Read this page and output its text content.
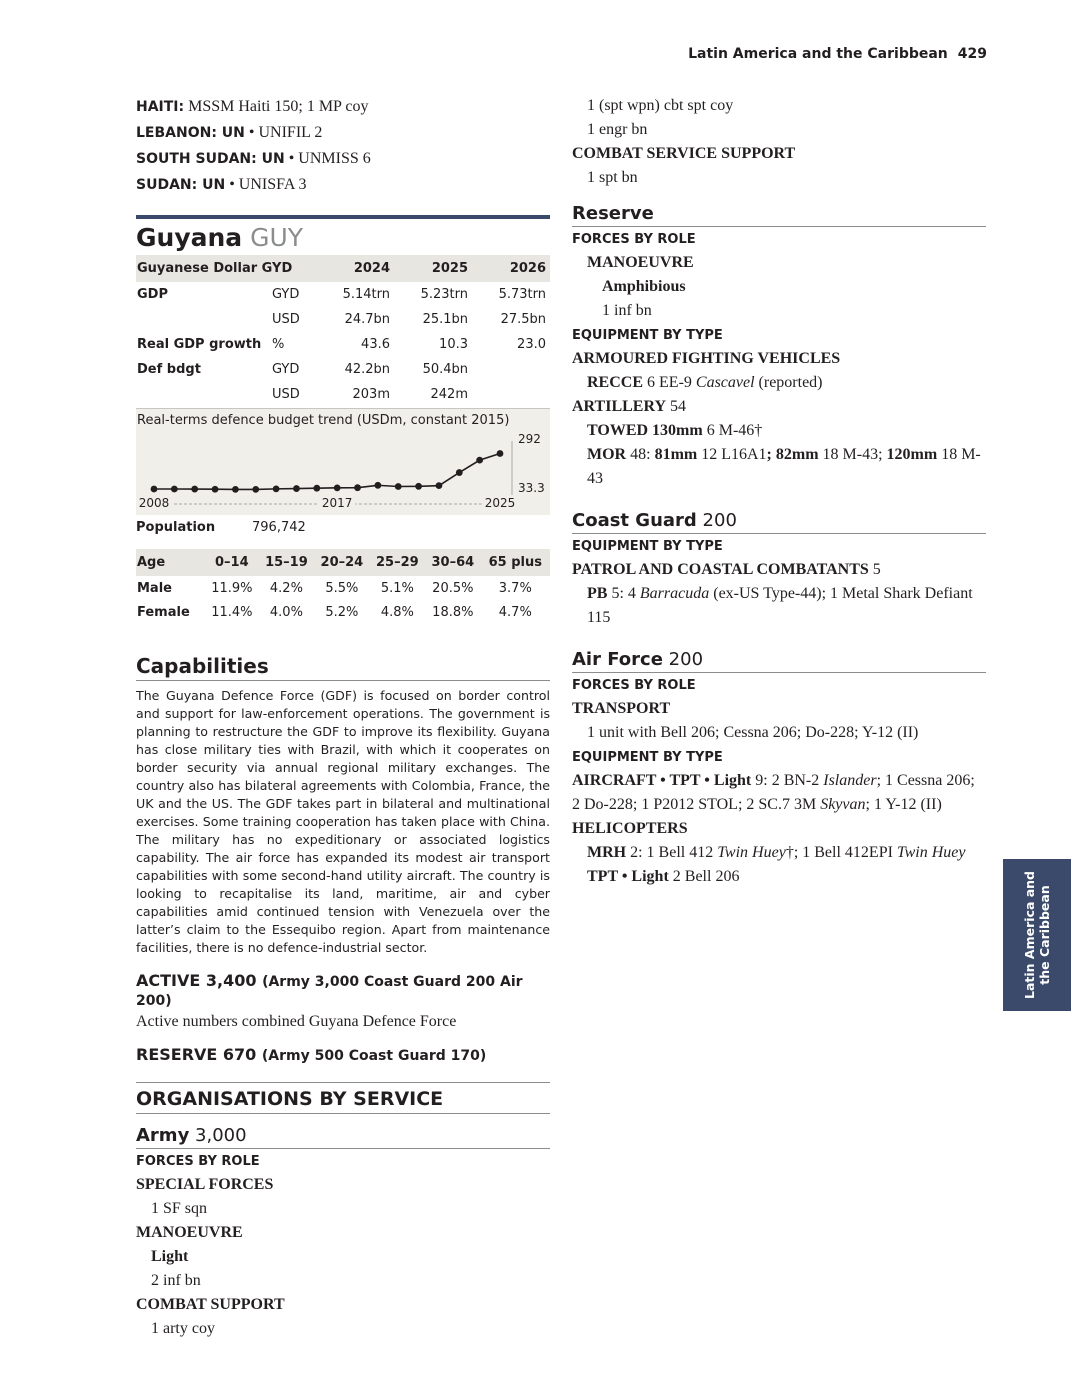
Latin America and the Caribbean 429
HAITI: MSSM Haiti 150; 1 MP coy
LEBANON: UN • UNIFIL 2
SOUTH SUDAN: UN • UNMISS 6
SUDAN: UN • UNISFA 3
Guyana GUY
Guyanese Dollar GYD		2024	2025	2026
GDP	GYD	5.14trn	5.23trn	5.73trn
	USD	24.7bn	25.1bn	27.5bn
Real GDP growth	%	43.6	10.3	23.0
Def bdgt	GYD	42.2bn	50.4bn	
	USD	203m	242m	
Real-terms defence budget trend (USDm, constant 2015)
292
33.3
2008	2017	2025
Population	796,742
Age	0–14	15–19	20–24	25–29	30–64	65 plus
Male	11.9%	4.2%	5.5%	5.1%	20.5%	3.7%
Female	11.4%	4.0%	5.2%	4.8%	18.8%	4.7%
Capabilities
The Guyana Defence Force (GDF) is focused on border control and support for law-enforcement operations. The government is planning to restructure the GDF to improve its flexibility. Guyana has close military ties with Brazil, with which it cooperates on border security via annual regional military exchanges. The country also has bilateral agreements with Colombia, France, the UK and the US. The GDF takes part in bilateral and multinational exercises. Some training cooperation has taken place with China. The military has no expeditionary or associated logistics capability. The air force has expanded its modest air transport capabilities with some second-hand utility aircraft. The country is looking to recapitalise its land, maritime, air and cyber capabilities amid continued tension with Venezuela over the latter’s claim to the Essequibo region. Apart from maintenance facilities, there is no defence-industrial sector.
ACTIVE 3,400 (Army 3,000 Coast Guard 200 Air 200)
Active numbers combined Guyana Defence Force
RESERVE 670 (Army 500 Coast Guard 170)
ORGANISATIONS BY SERVICE
Army 3,000
FORCES BY ROLE
SPECIAL FORCES
1 SF sqn
MANOEUVRE
Light
2 inf bn
COMBAT SUPPORT
1 arty coy
1 (spt wpn) cbt spt coy
1 engr bn
COMBAT SERVICE SUPPORT
1 spt bn
Reserve
FORCES BY ROLE
MANOEUVRE
Amphibious
1 inf bn
EQUIPMENT BY TYPE
ARMOURED FIGHTING VEHICLES
RECCE 6 EE-9 Cascavel (reported)
ARTILLERY 54
TOWED 130mm 6 M-46†
MOR 48: 81mm 12 L16A1; 82mm 18 M-43; 120mm 18 M-43
Coast Guard 200
EQUIPMENT BY TYPE
PATROL AND COASTAL COMBATANTS 5
PB 5: 4 Barracuda (ex-US Type-44); 1 Metal Shark Defiant 115
Air Force 200
FORCES BY ROLE
TRANSPORT
1 unit with Bell 206; Cessna 206; Do-228; Y-12 (II)
EQUIPMENT BY TYPE
AIRCRAFT • TPT • Light 9: 2 BN-2 Islander; 1 Cessna 206; 2 Do-228; 1 P2012 STOL; 2 SC.7 3M Skyvan; 1 Y-12 (II)
HELICOPTERS
MRH 2: 1 Bell 412 Twin Huey†; 1 Bell 412EPI Twin Huey
TPT • Light 2 Bell 206	Latin America and the Caribbean
